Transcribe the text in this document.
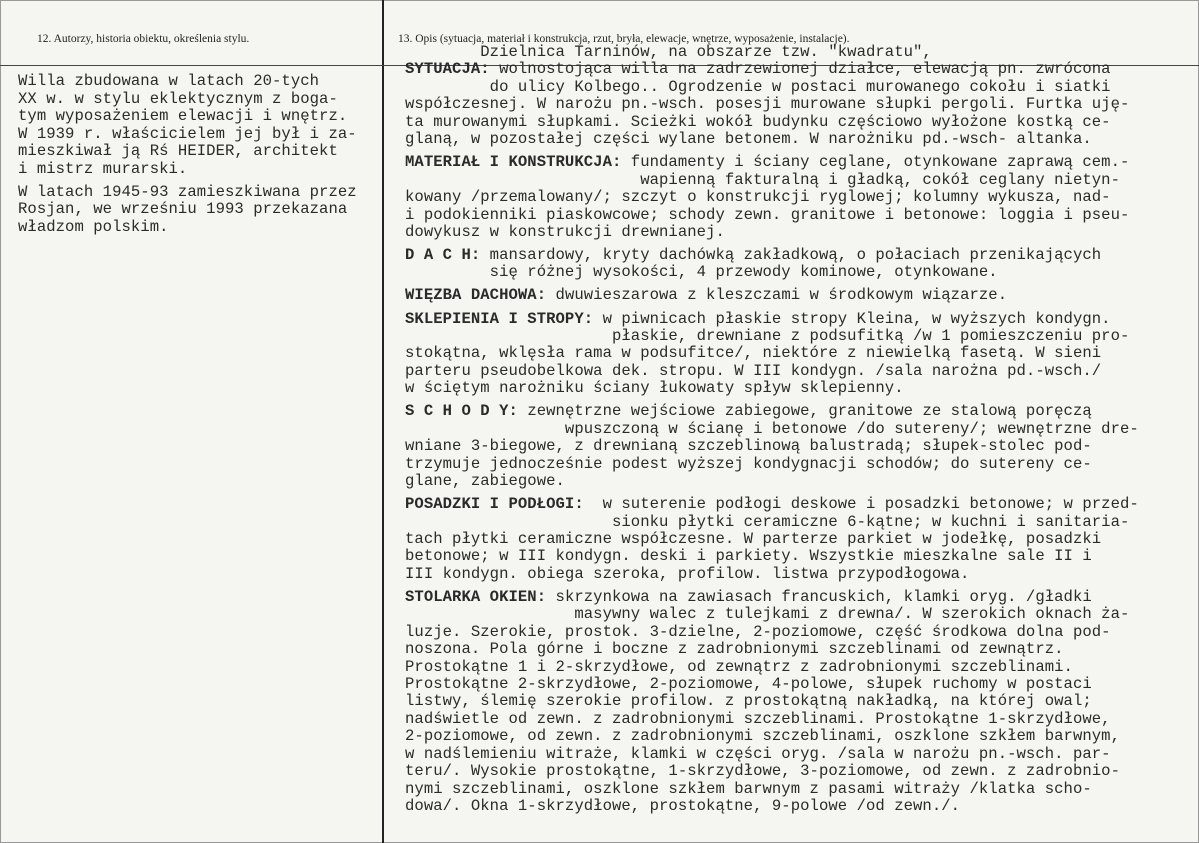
12. Autorzy, historia obiektu, określenia stylu.	13. Opis (sytuacja, materiał i konstrukcja, rzut, bryła, elewacje, wnętrze, wyposażenie, instalacje).
Willa zbudowana w latach 20-tych
XX w. w stylu eklektycznym z boga-
tym wyposażeniem elewacji i wnętrz.
W 1939 r. właścicielem jej był i za-
mieszkiwał ją Rś HEIDER, architekt
i mistrz murarski.
W latach 1945-93 zamieszkiwana przez
Rosjan, we wrześniu 1993 przekazana
władzom polskim.
Dzielnica Tarninów, na obszarze tzw. "kwadratu",
SYTUACJA: wolnostojąca willa na zadrzewionej działce, elewacją pn. zwrócona
do ulicy Kolbego.. Ogrodzenie w postaci murowanego cokołu i siatki
współczesnej. W narożu pn.-wsch. posesji murowane słupki pergoli. Furtka uję-
ta murowanymi słupkami. Scieżki wokół budynku częściowo wyłożone kostką ce-
glaną, w pozostałej części wylane betonem. W narożniku pd.-wsch- altanka.
MATERIAŁ I KONSTRUKCJA: fundamenty i ściany ceglane, otynkowane zaprawą cem.-
wapienną fakturalną i gładką, cokół ceglany nietyn-
kowany /przemalowany/; szczyt o konstrukcji ryglowej; kolumny wykusza, nad-
i podokienniki piaskowcowe; schody zewn. granitowe i betonowe: loggia i pseu-
dowykusz w konstrukcji drewnianej.
D A C H: mansardowy, kryty dachówką zakładkową, o połaciach przenikających
się różnej wysokości, 4 przewody kominowe, otynkowane.
WIĘZBA DACHOWA: dwuwieszarowa z kleszczami w środkowym wiązarze.
SKLEPIENIA I STROPY: w piwnicach płaskie stropy Kleina, w wyższych kondygn.
płaskie, drewniane z podsufitką /w 1 pomieszczeniu pro-
stokątna, wklęsła rama w podsufitce/, niektóre z niewielką fasetą. W sieni
parteru pseudobelkowa dek. stropu. W III kondygn. /sala narożna pd.-wsch./
w ściętym narożniku ściany łukowaty spływ sklepienny.
S C H O D Y: zewnętrzne wejściowe zabiegowe, granitowe ze stalową poręczą
wpuszczoną w ścianę i betonowe /do sutereny/; wewnętrzne dre-
wniane 3-biegowe, z drewnianą szczeblinową balustradą; słupek-stolec pod-
trzymuje jednocześnie podest wyższej kondygnacji schodów; do sutereny ce-
glane, zabiegowe.
POSADZKI I PODŁOGI:  w suterenie podłogi deskowe i posadzki betonowe; w przed-
sionku płytki ceramiczne 6-kątne; w kuchni i sanitaria-
tach płytki ceramiczne współczesne. W parterze parkiet w jodełkę, posadzki
betonowe; w III kondygn. deski i parkiety. Wszystkie mieszkalne sale II i
III kondygn. obiega szeroka, profilow. listwa przypodłogowa.
STOLARKA OKIEN: skrzynkowa na zawiasach francuskich, klamki oryg. /gładki
masywny walec z tulejkami z drewna/. W szerokich oknach ża-
luzje. Szerokie, prostok. 3-dzielne, 2-poziomowe, część środkowa dolna pod-
noszona. Pola górne i boczne z zadrobnionymi szczeblinami od zewnątrz.
Prostokątne 1 i 2-skrzydłowe, od zewnątrz z zadrobnionymi szczeblinami.
Prostokątne 2-skrzydłowe, 2-poziomowe, 4-polowe, słupek ruchomy w postaci
listwy, ślemię szerokie profilow. z prostokątną nakładką, na której owal;
nadświetle od zewn. z zadrobnionymi szczeblinami. Prostokątne 1-skrzydłowe,
2-poziomowe, od zewn. z zadrobnionymi szczeblinami, oszklone szkłem barwnym,
w nadślemieniu witraże, klamki w części oryg. /sala w narożu pn.-wsch. par-
teru/. Wysokie prostokątne, 1-skrzydłowe, 3-poziomowe, od zewn. z zadrobnio-
nymi szczeblinami, oszklone szkłem barwnym z pasami witraży /klatka scho-
dowa/. Okna 1-skrzydłowe, prostokątne, 9-polowe /od zewn./.
